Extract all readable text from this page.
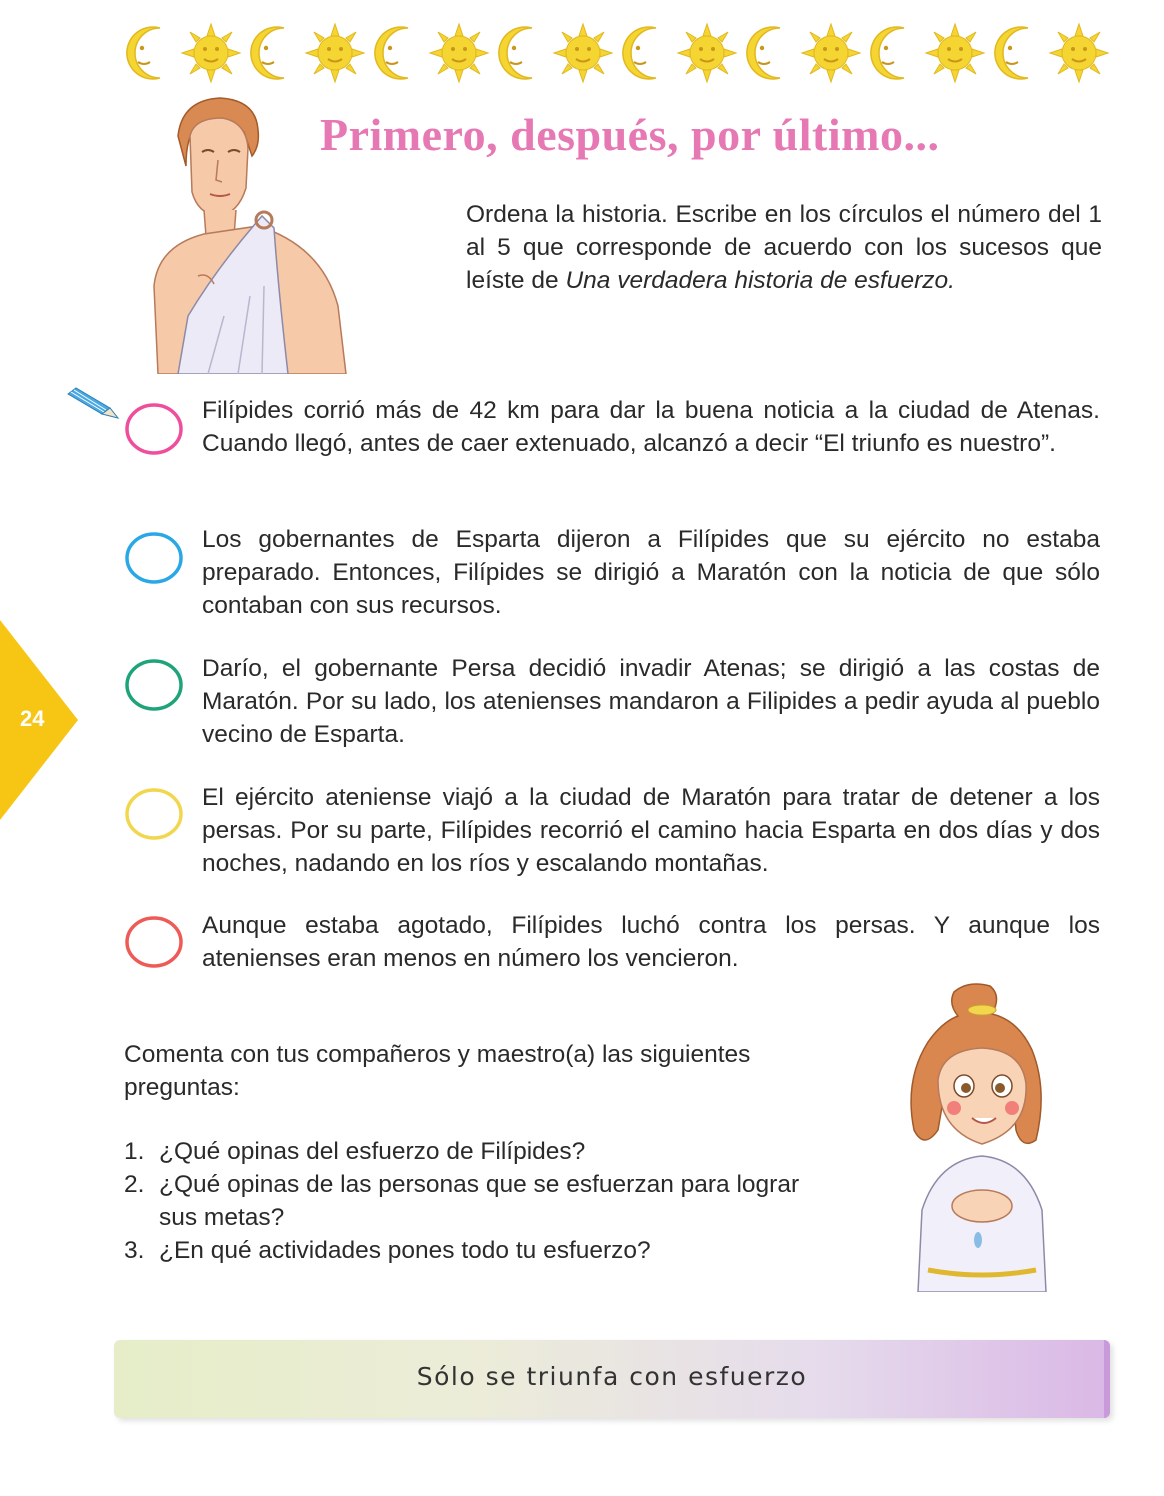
24
Primero, después, por último...

Ordena la historia. Escribe en los círculos el número del 1 al 5 que corresponde de acuerdo con los sucesos que leíste de Una verdadera historia de esfuerzo.

Filípides corrió más de 42 km para dar la buena noticia a la ciudad de Atenas. Cuando llegó, antes de caer extenuado, alcanzó a decir “El triunfo es nuestro”.

Los gobernantes de Esparta dijeron a Filípides que su ejército no estaba preparado. Entonces, Filípides se dirigió a Maratón con la noticia de que sólo contaban con sus recursos.

Darío, el gobernante Persa decidió invadir Atenas; se dirigió a las costas de Maratón. Por su lado, los atenienses mandaron a Filipides a pedir ayuda al pueblo vecino de Esparta.

El ejército ateniense viajó a la ciudad de Maratón para tratar de detener a los persas. Por su parte, Filípides recorrió el camino hacia Esparta en dos días y dos noches, nadando en los ríos y escalando montañas.

Aunque estaba agotado, Filípides luchó contra los persas. Y aunque los atenienses eran menos en número los vencieron.

Comenta con tus compañeros y maestro(a) las siguientes preguntas:

1. ¿Qué opinas del esfuerzo de Filípides?
2. ¿Qué opinas de las personas que se esfuerzan para lograr sus metas?
3. ¿En qué actividades pones todo tu esfuerzo?

Sólo se triunfa con esfuerzo
